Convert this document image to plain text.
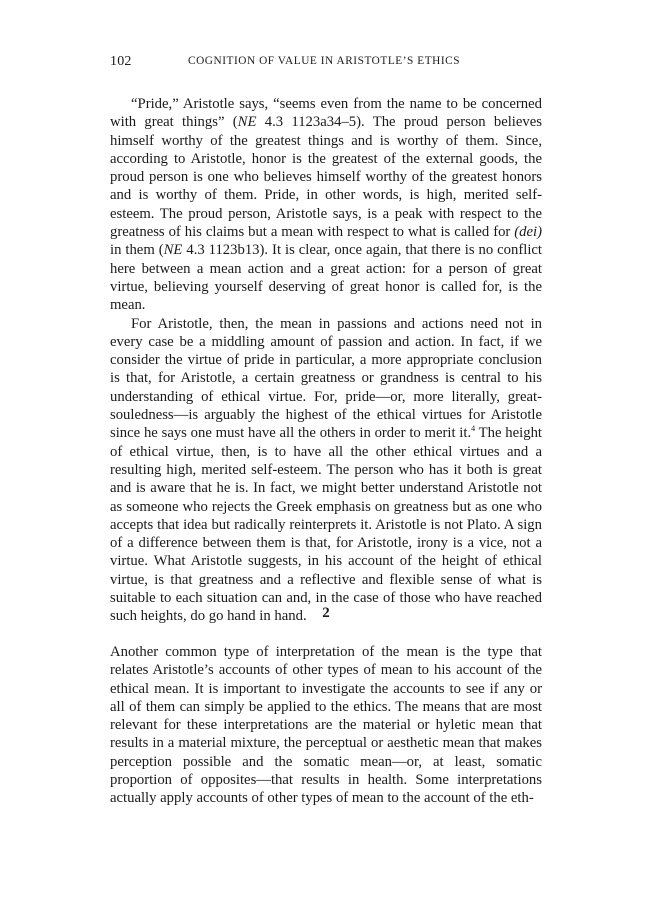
102	COGNITION OF VALUE IN ARISTOTLE’S ETHICS

“Pride,” Aristotle says, “seems even from the name to be concerned with great things” (NE 4.3 1123a34–5). The proud person believes himself worthy of the greatest things and is worthy of them. Since, according to Aristotle, honor is the greatest of the external goods, the proud person is one who believes himself worthy of the greatest honors and is worthy of them. Pride, in other words, is high, merited self-esteem. The proud person, Aristotle says, is a peak with respect to the greatness of his claims but a mean with respect to what is called for (dei) in them (NE 4.3 1123b13). It is clear, once again, that there is no conflict here between a mean action and a great action: for a person of great virtue, believing yourself deserving of great honor is called for, is the mean.

For Aristotle, then, the mean in passions and actions need not in every case be a middling amount of passion and action. In fact, if we consider the virtue of pride in particular, a more appropriate conclusion is that, for Aristotle, a certain greatness or grandness is central to his understanding of ethical virtue. For, pride—or, more literally, great-souledness—is arguably the highest of the ethical virtues for Aristotle since he says one must have all the others in order to merit it.$^4$ The height of ethical virtue, then, is to have all the other ethical virtues and a resulting high, merited self-esteem. The person who has it both is great and is aware that he is. In fact, we might better understand Aristotle not as someone who rejects the Greek emphasis on greatness but as one who accepts that idea but radically reinterprets it. Aristotle is not Plato. A sign of a difference between them is that, for Aristotle, irony is a vice, not a virtue. What Aristotle suggests, in his account of the height of ethical virtue, is that greatness and a reflective and flexible sense of what is suitable to each situation can and, in the case of those who have reached such heights, do go hand in hand.	2

Another common type of interpretation of the mean is the type that relates Aristotle’s accounts of other types of mean to his account of the ethical mean. It is important to investigate the accounts to see if any or all of them can simply be applied to the ethics. The means that are most relevant for these interpretations are the material or hyletic mean that results in a material mixture, the perceptual or aesthetic mean that makes perception possible and the somatic mean—or, at least, somatic proportion of opposites—that results in health. Some interpretations actually apply accounts of other types of mean to the account of the eth-
